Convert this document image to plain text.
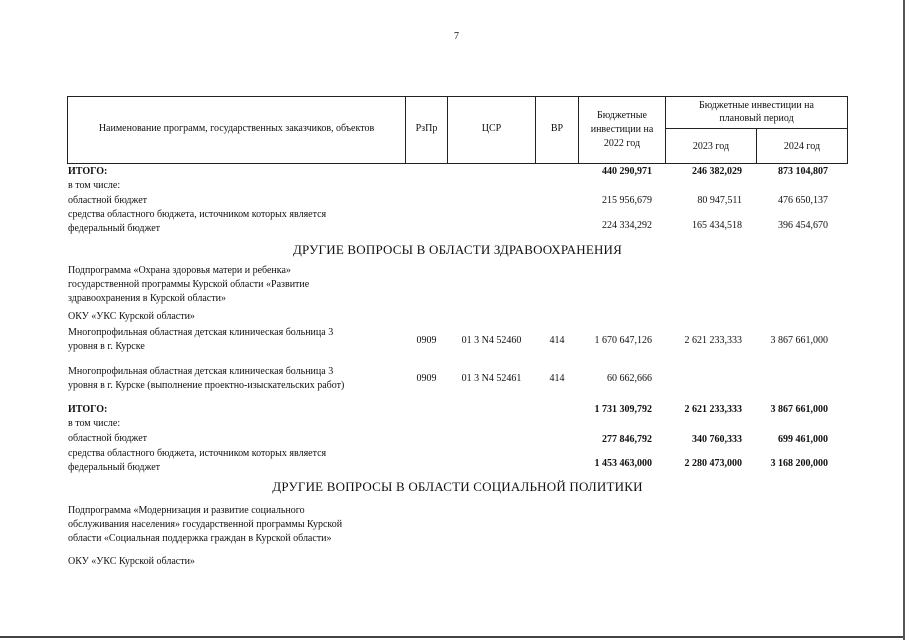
7
Наименование программ, государственных заказчиков, объектов	РзПр	ЦСР	ВР
Бюджетные
инвестиции на
2022 год
Бюджетные инвестиции на
плановый период
2023 год	2024 год
ИТОГО:	440 290,971	246 382,029	873 104,807
в том числе:
областной бюджет	215 956,679	80 947,511	476 650,137
средства областного бюджета, источником которых является
федеральный бюджет	224 334,292	165 434,518	396 454,670
ДРУГИЕ ВОПРОСЫ В ОБЛАСТИ ЗДРАВООХРАНЕНИЯ
Подпрограмма «Охрана здоровья матери и ребенка»
государственной программы Курской области «Развитие
здравоохранения в Курской области»
ОКУ «УКС Курской области»
Многопрофильная областная детская клиническая больница 3
уровня в г. Курске
0909	01 3 N4 52460	414	1 670 647,126	2 621 233,333	3 867 661,000
Многопрофильная областная детская клиническая больница 3
уровня в г. Курске (выполнение проектно-изыскательских работ)
0909	01 3 N4 52461	414	60 662,666
ИТОГО:	1 731 309,792	2 621 233,333	3 867 661,000
в том числе:
областной бюджет	277 846,792	340 760,333	699 461,000
средства областного бюджета, источником которых является
федеральный бюджет	1 453 463,000	2 280 473,000	3 168 200,000
ДРУГИЕ ВОПРОСЫ В ОБЛАСТИ СОЦИАЛЬНОЙ ПОЛИТИКИ
Подпрограмма «Модернизация и развитие социального
обслуживания населения» государственной программы Курской
области «Социальная поддержка граждан в Курской области»
ОКУ «УКС Курской области»
